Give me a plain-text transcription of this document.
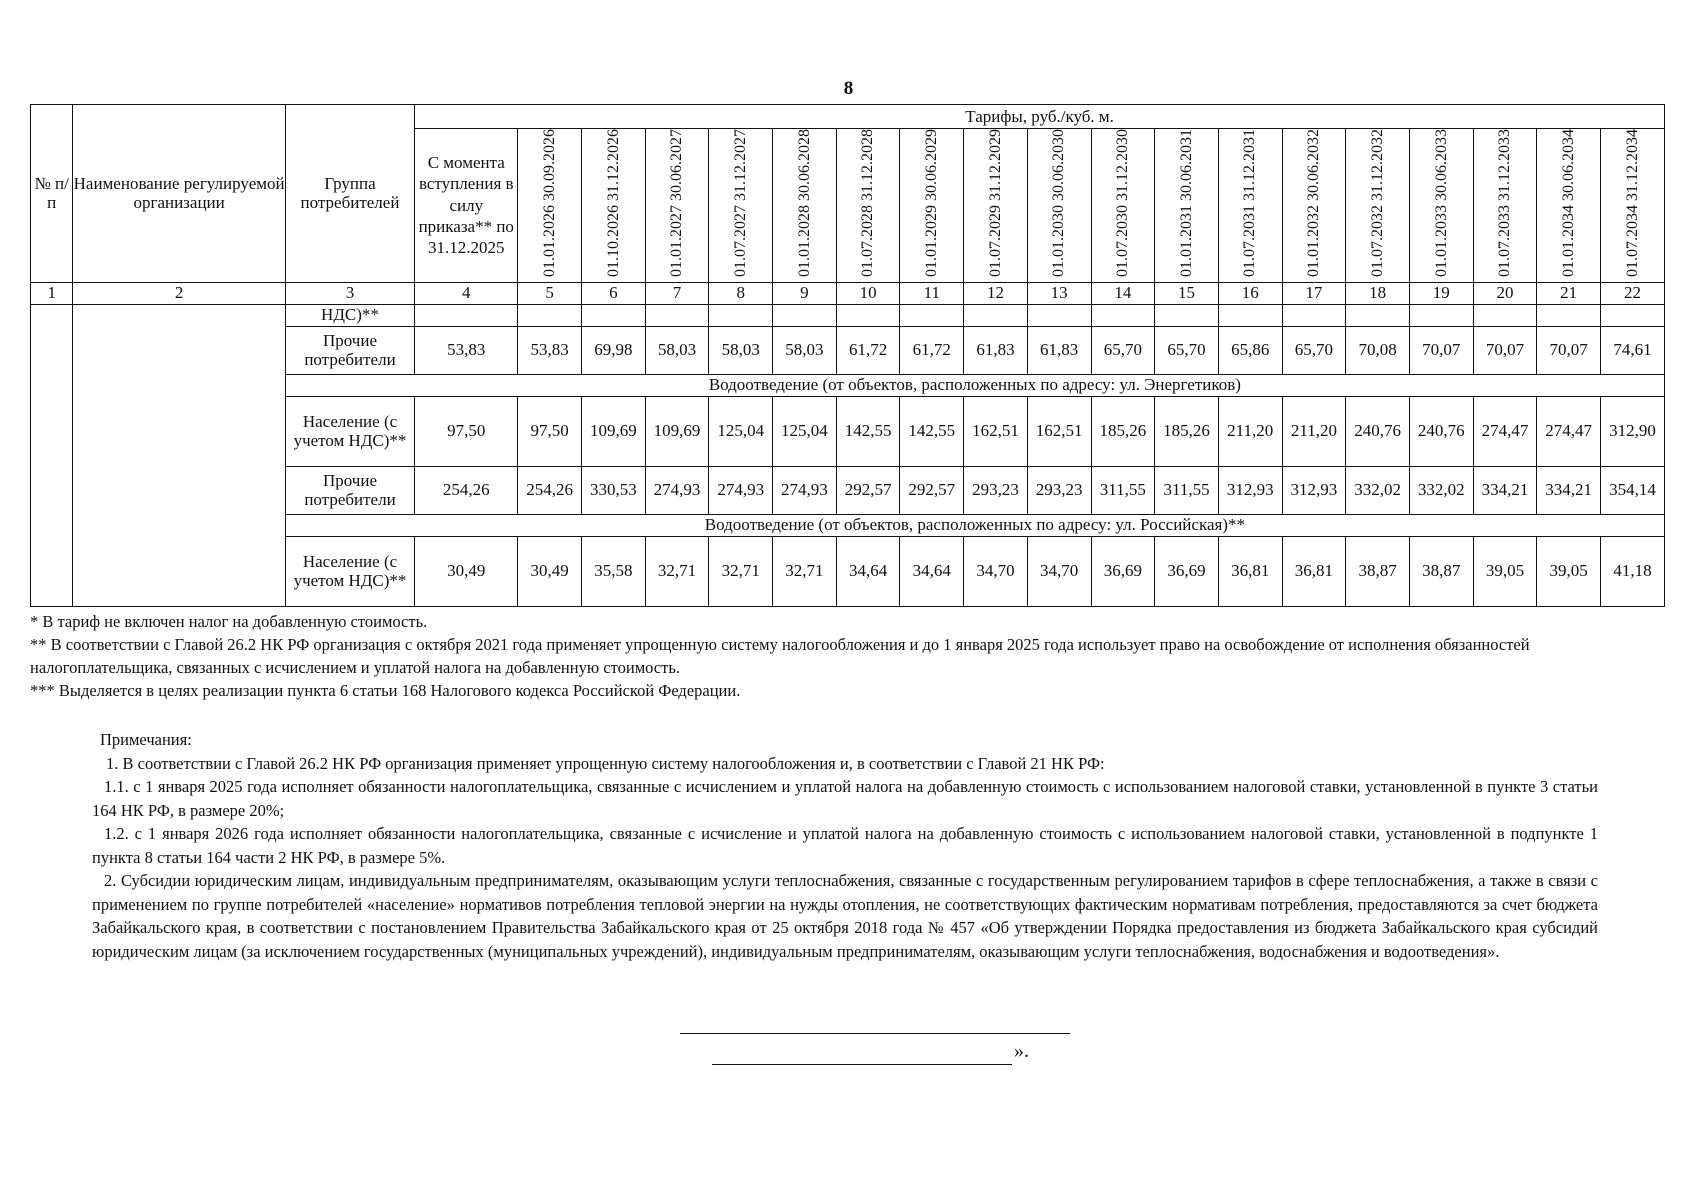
8
№ п/п	Наименование регулируемой организации	Группа потребителей	Тарифы, руб./куб. м.																		
			С момента вступления в силу приказа** по 31.12.2025	01.01.2026 30.09.2026	01.10.2026 31.12.2026	01.01.2027 30.06.2027	01.07.2027 31.12.2027	01.01.2028 30.06.2028	01.07.2028 31.12.2028	01.01.2029 30.06.2029	01.07.2029 31.12.2029	01.01.2030 30.06.2030	01.07.2030 31.12.2030	01.01.2031 30.06.2031	01.07.2031 31.12.2031	01.01.2032 30.06.2032	01.07.2032 31.12.2032	01.01.2033 30.06.2033	01.07.2033 31.12.2033	01.01.2034 30.06.2034	01.07.2034 31.12.2034
1	2	3	4	5	6	7	8	9	10	11	12	13	14	15	16	17	18	19	20	21	22
		НДС)**																			
		Прочие потребители	53,83	53,83	69,98	58,03	58,03	58,03	61,72	61,72	61,83	61,83	65,70	65,70	65,86	65,70	70,08	70,07	70,07	70,07	74,61
		Водоотведение (от объектов, расположенных по адресу: ул. Энергетиков)																			
		Население (с учетом НДС)**	97,50	97,50	109,69	109,69	125,04	125,04	142,55	142,55	162,51	162,51	185,26	185,26	211,20	211,20	240,76	240,76	274,47	274,47	312,90
		Прочие потребители	254,26	254,26	330,53	274,93	274,93	274,93	292,57	292,57	293,23	293,23	311,55	311,55	312,93	312,93	332,02	332,02	334,21	334,21	354,14
		Водоотведение (от объектов, расположенных по адресу: ул. Российская)**																			
		Население (с учетом НДС)**	30,49	30,49	35,58	32,71	32,71	32,71	34,64	34,64	34,70	34,70	36,69	36,69	36,81	36,81	38,87	38,87	39,05	39,05	41,18

* В тариф не включен налог на добавленную стоимость.

** В соответствии с Главой 26.2 НК РФ организация с октября 2021 года применяет упрощенную систему налогообложения и до 1 января 2025 года использует право на освобождение от исполнения обязанностей налогоплательщика, связанных с исчислением и уплатой налога на добавленную стоимость.

*** Выделяется в целях реализации пункта 6 статьи 168 Налогового кодекса Российской Федерации.

Примечания:

1. В соответствии с Главой 26.2 НК РФ организация применяет упрощенную систему налогообложения и, в соответствии с Главой 21 НК РФ:

1.1. с 1 января 2025 года исполняет обязанности налогоплательщика, связанные с исчислением и уплатой налога на добавленную стоимость с использованием налоговой ставки, установленной в пункте 3 статьи 164 НК РФ, в размере 20%;

1.2. с 1 января 2026 года исполняет обязанности налогоплательщика, связанные с исчисление и уплатой налога на добавленную стоимость с использованием налоговой ставки, установленной в подпункте 1 пункта 8 статьи 164 части 2 НК РФ, в размере 5%.

2. Субсидии юридическим лицам, индивидуальным предпринимателям, оказывающим услуги теплоснабжения, связанные с государственным регулированием тарифов в сфере теплоснабжения, а также в связи с применением по группе потребителей «население» нормативов потребления тепловой энергии на нужды отопления, не соответствующих фактическим нормативам потребления, предоставляются за счет бюджета Забайкальского края, в соответствии с постановлением Правительства Забайкальского края от 25 октября 2018 года № 457 «Об утверждении Порядка предоставления из бюджета Забайкальского края субсидий юридическим лицам (за исключением государственных (муниципальных учреждений), индивидуальным предпринимателям, оказывающим услуги теплоснабжения, водоснабжения и водоотведения».

».
